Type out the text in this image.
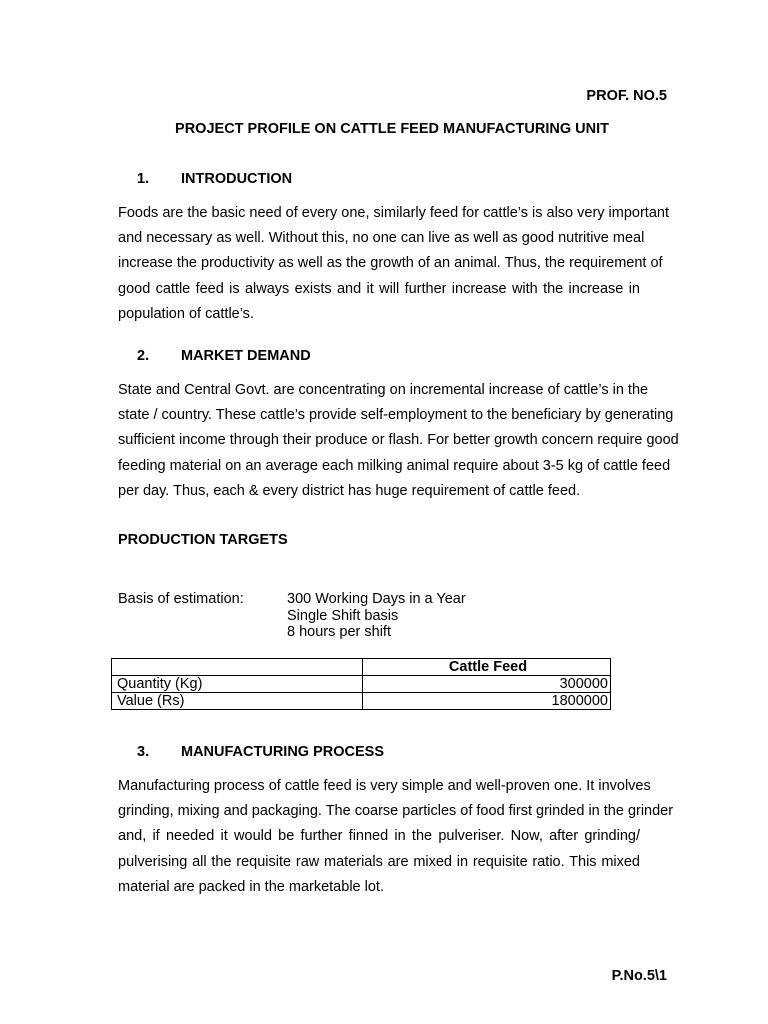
PROF. NO.5
PROJECT PROFILE ON CATTLE FEED MANUFACTURING UNIT
1. INTRODUCTION
Foods are the basic need of every one, similarly feed for cattle’s is also very important
and necessary as well. Without this, no one can live as well as good nutritive meal
increase the productivity as well as the growth of an animal. Thus, the requirement of
good cattle feed is always exists and it will further increase with the increase in
population of cattle’s.
2. MARKET DEMAND
State and Central Govt. are concentrating on incremental increase of cattle’s in the
state / country. These cattle’s provide self-employment to the beneficiary by generating
sufficient income through their produce or flash. For better growth concern require good
feeding material on an average each milking animal require about 3-5 kg of cattle feed
per day. Thus, each & every district has huge requirement of cattle feed.
PRODUCTION TARGETS
Basis of estimation:	300 Working Days in a Year
Single Shift basis
8 hours per shift
	Cattle Feed
Quantity (Kg)	300000
Value (Rs)	1800000
3. MANUFACTURING PROCESS
Manufacturing process of cattle feed is very simple and well-proven one. It involves
grinding, mixing and packaging. The coarse particles of food first grinded in the grinder
and, if needed it would be further finned in the pulveriser. Now, after grinding/
pulverising all the requisite raw materials are mixed in requisite ratio. This mixed
material are packed in the marketable lot.
P.No.5\1
